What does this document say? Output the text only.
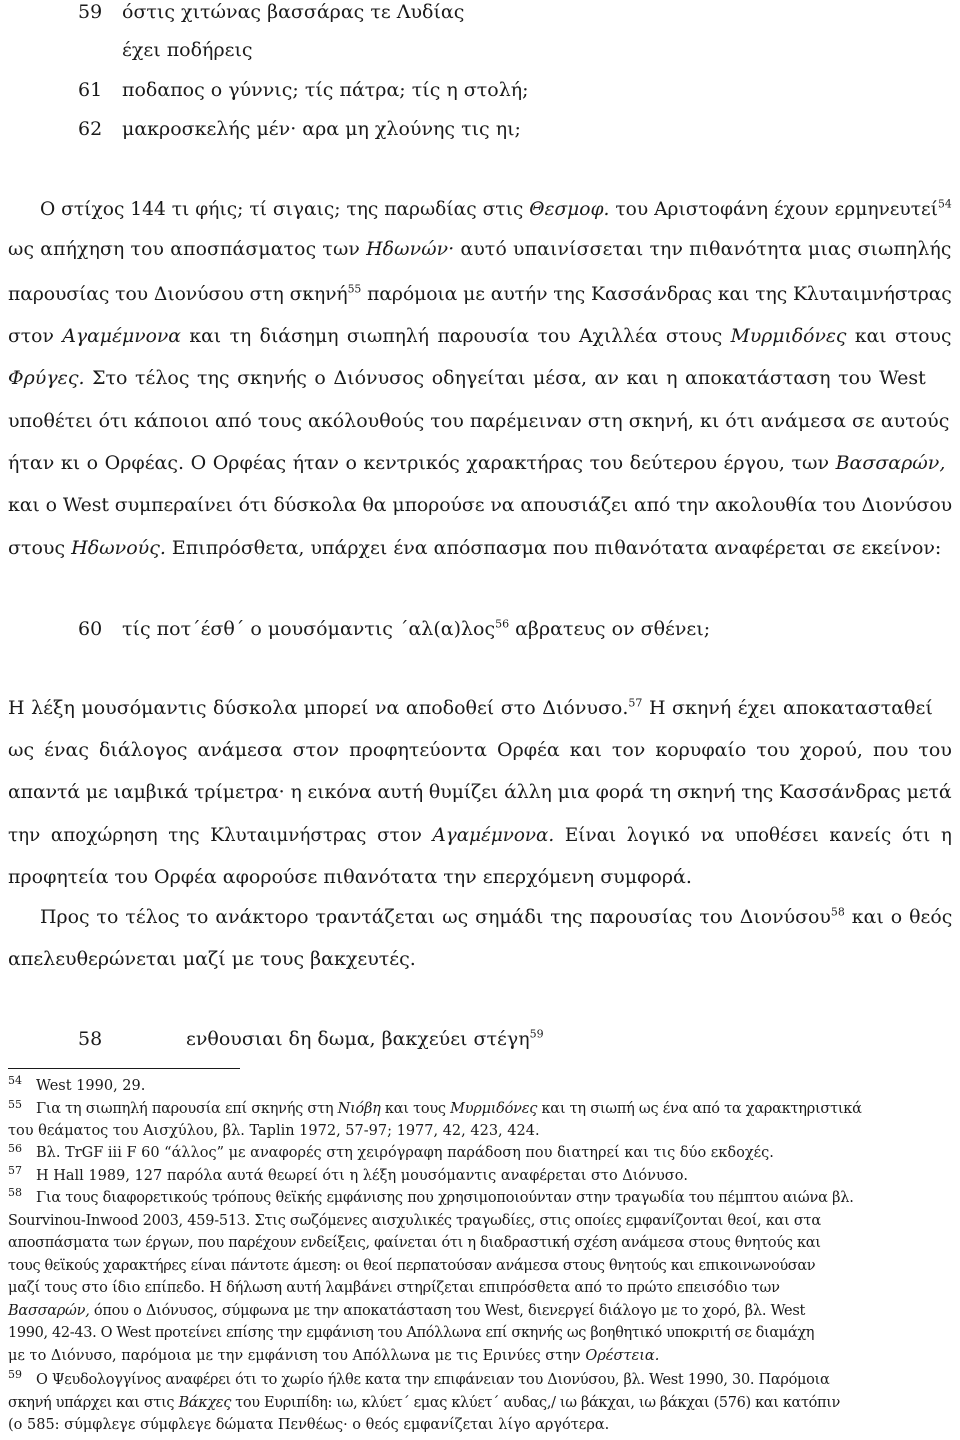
59 όστις χιτώνας βασσάρας τε Λυδίας
έχει ποδήρεις
61 ποδαπος ο γύννις; τίς πάτρα; τίς η στολή;
62 μακροσκελής μέν· αρα μη χλούνης τις ηι;
Ο στίχος 144 τι φήις; τί σιγαις; της παρωδίας στις Θεσμοφ. του Αριστοφάνη έχουν ερμηνευτεί$^{54}$
ως απήχηση του αποσπάσματος των Ηδωνών· αυτό υπαινίσσεται την πιθανότητα μιας σιωπηλής
παρουσίας του Διονύσου στη σκηνή$^{55}$ παρόμοια με αυτήν της Κασσάνδρας και της Κλυταιμνήστρας
στον Αγαμέμνονα και τη διάσημη σιωπηλή παρουσία του Αχιλλέα στους Μυρμιδόνες και στους
Φρύγες. Στο τέλος της σκηνής ο Διόνυσος οδηγείται μέσα, αν και η αποκατάσταση του West
υποθέτει ότι κάποιοι από τους ακόλουθούς του παρέμειναν στη σκηνή, κι ότι ανάμεσα σε αυτούς
ήταν κι ο Ορφέας. Ο Ορφέας ήταν ο κεντρικός χαρακτήρας του δεύτερου έργου, των Βασσαρών,
και ο West συμπεραίνει ότι δύσκολα θα μπορούσε να απουσιάζει από την ακολουθία του Διονύσου
στους Ηδωνούς. Επιπρόσθετα, υπάρχει ένα απόσπασμα που πιθανότατα αναφέρεται σε εκείνον:
60 τίς ποτ΄έσθ΄ ο μουσόμαντις ΄αλ(α)λος$^{56}$ αβρατευς ον σθένει;
Η λέξη μουσόμαντις δύσκολα μπορεί να αποδοθεί στο Διόνυσο.$^{57}$ Η σκηνή έχει αποκατασταθεί
ως ένας διάλογος ανάμεσα στον προφητεύοντα Ορφέα και τον κορυφαίο του χορού, που του
απαντά με ιαμβικά τρίμετρα· η εικόνα αυτή θυμίζει άλλη μια φορά τη σκηνή της Κασσάνδρας μετά
την αποχώρηση της Κλυταιμνήστρας στον Αγαμέμνονα. Είναι λογικό να υποθέσει κανείς ότι η
προφητεία του Ορφέα αφορούσε πιθανότατα την επερχόμενη συμφορά.
Προς το τέλος το ανάκτορο τραντάζεται ως σημάδι της παρουσίας του Διονύσου$^{58}$ και ο θεός
απελευθερώνεται μαζί με τους βακχευτές.
58	ενθουσιαι δη δωμα, βακχεύει στέγη$^{59}$
54 West 1990, 29.
55 Για τη σιωπηλή παρουσία επί σκηνής στη Νιόβη και τους Μυρμιδόνες και τη σιωπή ως ένα από τα χαρακτηριστικά
του θεάματος του Αισχύλου, βλ. Taplin 1972, 57-97; 1977, 42, 423, 424.
56 Βλ. TrGF iii F 60 “άλλος” με αναφορές στη χειρόγραφη παράδοση που διατηρεί και τις δύο εκδοχές.
57 Η Hall 1989, 127 παρόλα αυτά θεωρεί ότι η λέξη μουσόμαντις αναφέρεται στο Διόνυσο.
58 Για τους διαφορετικούς τρόπους θεϊκής εμφάνισης που χρησιμοποιούνταν στην τραγωδία του πέμπτου αιώνα βλ.
Sourvinou-Inwood 2003, 459-513. Στις σωζόμενες αισχυλικές τραγωδίες, στις οποίες εμφανίζονται θεοί, και στα
αποσπάσματα των έργων, που παρέχουν ενδείξεις, φαίνεται ότι η διαδραστική σχέση ανάμεσα στους θνητούς και
τους θεϊκούς χαρακτήρες είναι πάντοτε άμεση: οι θεοί περπατούσαν ανάμεσα στους θνητούς και επικοινωνούσαν
μαζί τους στο ίδιο επίπεδο. Η δήλωση αυτή λαμβάνει στηρίζεται επιπρόσθετα από το πρώτο επεισόδιο των
Βασσαρών, όπου ο Διόνυσος, σύμφωνα με την αποκατάσταση του West, διενεργεί διάλογο με το χορό, βλ. West
1990, 42-43. Ο West προτείνει επίσης την εμφάνιση του Απόλλωνα επί σκηνής ως βοηθητικό υποκριτή σε διαμάχη
με το Διόνυσο, παρόμοια με την εμφάνιση του Απόλλωνα με τις Ερινύες στην Ορέστεια.
59 Ο Ψευδολογγίνος αναφέρει ότι το χωρίο ήλθε κατα την επιφάνειαν του Διονύσου, βλ. West 1990, 30. Παρόμοια
σκηνή υπάρχει και στις Βάκχες του Ευριπίδη: ιω, κλύετ΄ εμας κλύετ΄ αυδας,/ ιω βάκχαι, ιω βάκχαι (576) και κατόπιν
(ο 585: σύμφλεγε σύμφλεγε δώματα Πενθέως· ο θεός εμφανίζεται λίγο αργότερα.
